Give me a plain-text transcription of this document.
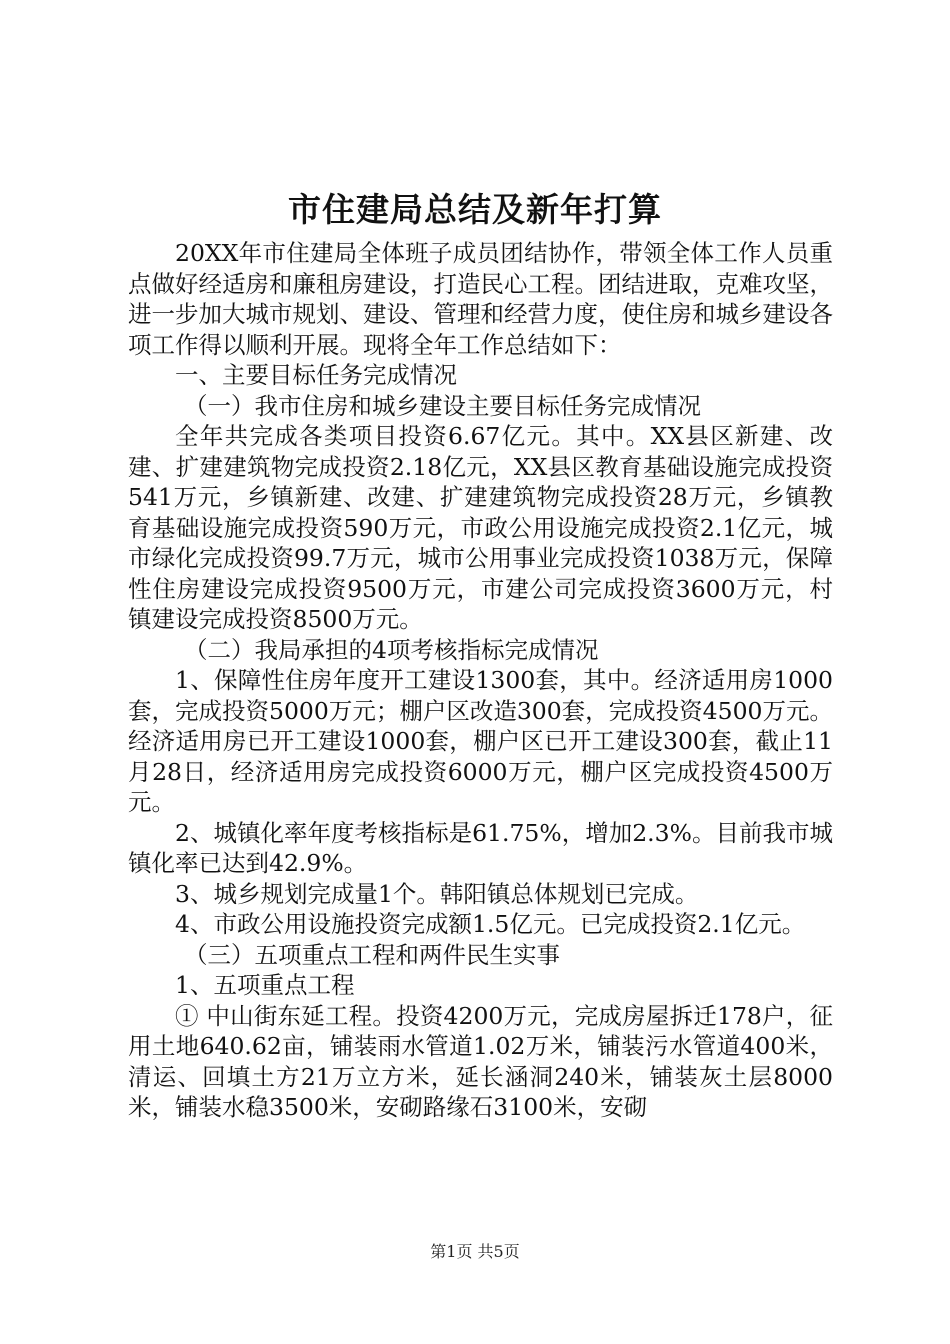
市住建局总结及新年打算

20XX年市住建局全体班子成员团结协作，带领全体工作人员重点做好经适房和廉租房建设，打造民心工程。团结进取，克难攻坚，进一步加大城市规划、建设、管理和经营力度，使住房和城乡建设各项工作得以顺利开展。现将全年工作总结如下：

一、主要目标任务完成情况

（一）我市住房和城乡建设主要目标任务完成情况

全年共完成各类项目投资6.67亿元。其中。XX县区新建、改建、扩建建筑物完成投资2.18亿元，XX县区教育基础设施完成投资541万元，乡镇新建、改建、扩建建筑物完成投资28万元，乡镇教育基础设施完成投资590万元，市政公用设施完成投资2.1亿元，城市绿化完成投资99.7万元，城市公用事业完成投资1038万元，保障性住房建设完成投资9500万元，市建公司完成投资3600万元，村镇建设完成投资8500万元。

（二）我局承担的4项考核指标完成情况

1、保障性住房年度开工建设1300套，其中。经济适用房1000套，完成投资5000万元；棚户区改造300套，完成投资4500万元。经济适用房已开工建设1000套，棚户区已开工建设300套，截止11月28日，经济适用房完成投资6000万元，棚户区完成投资4500万元。

2、城镇化率年度考核指标是61.75%，增加2.3%。目前我市城镇化率已达到42.9%。

3、城乡规划完成量1个。韩阳镇总体规划已完成。

4、市政公用设施投资完成额1.5亿元。已完成投资2.1亿元。

（三）五项重点工程和两件民生实事

1、五项重点工程

① 中山街东延工程。投资4200万元，完成房屋拆迁178户，征用土地640.62亩，铺装雨水管道1.02万米，铺装污水管道400米，清运、回填土方21万立方米，延长涵洞240米，铺装灰土层8000米，铺装水稳3500米，安砌路缘石3100米，安砌

第1页 共5页
